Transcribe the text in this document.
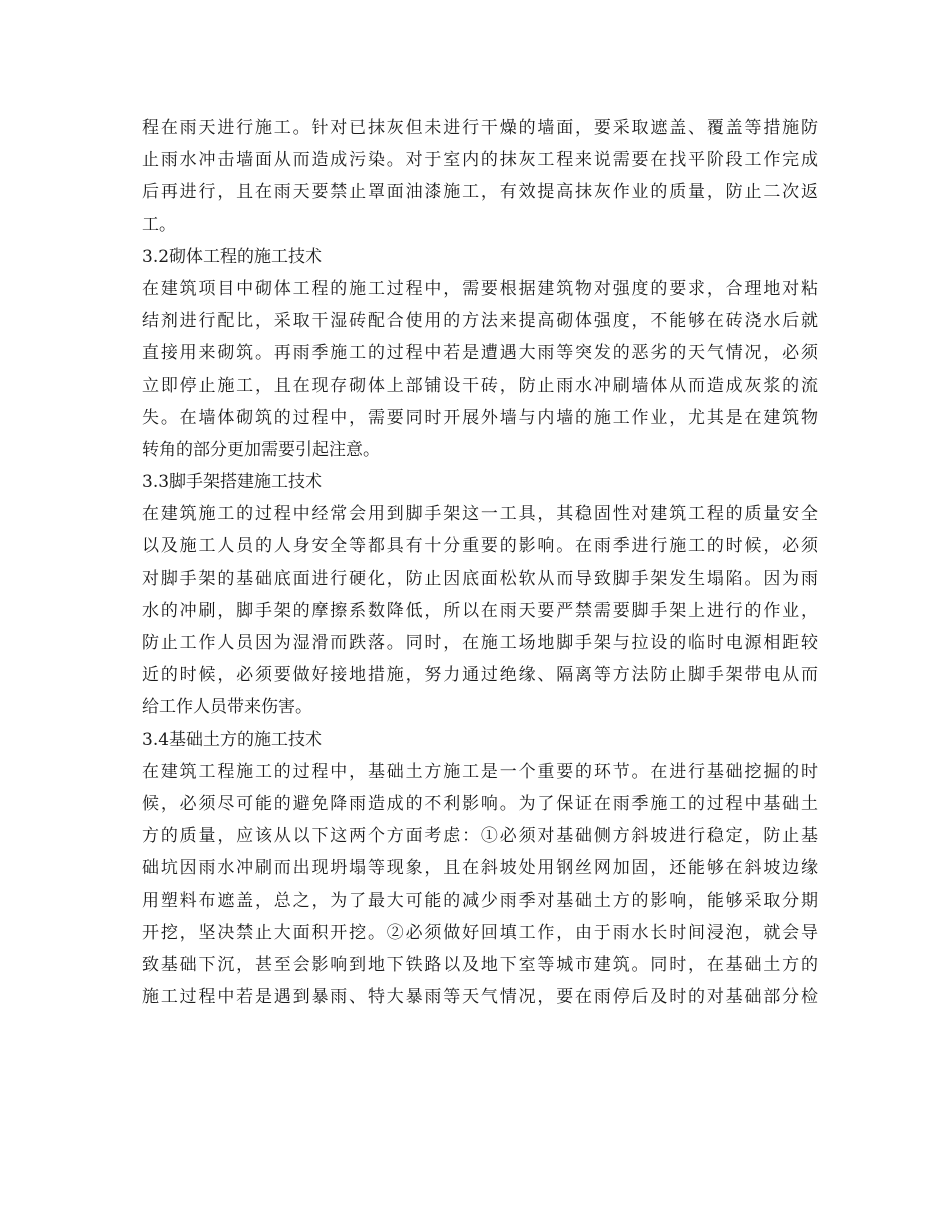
程在雨天进行施工。针对已抹灰但未进行干燥的墙面，要采取遮盖、覆盖等措施防
止雨水冲击墙面从而造成污染。对于室内的抹灰工程来说需要在找平阶段工作完成
后再进行，且在雨天要禁止罩面油漆施工，有效提高抹灰作业的质量，防止二次返
工。
3.2砌体工程的施工技术
在建筑项目中砌体工程的施工过程中，需要根据建筑物对强度的要求，合理地对粘
结剂进行配比，采取干湿砖配合使用的方法来提高砌体强度，不能够在砖浇水后就
直接用来砌筑。再雨季施工的过程中若是遭遇大雨等突发的恶劣的天气情况，必须
立即停止施工，且在现存砌体上部铺设干砖，防止雨水冲刷墙体从而造成灰浆的流
失。在墙体砌筑的过程中，需要同时开展外墙与内墙的施工作业，尤其是在建筑物
转角的部分更加需要引起注意。
3.3脚手架搭建施工技术
在建筑施工的过程中经常会用到脚手架这一工具，其稳固性对建筑工程的质量安全
以及施工人员的人身安全等都具有十分重要的影响。在雨季进行施工的时候，必须
对脚手架的基础底面进行硬化，防止因底面松软从而导致脚手架发生塌陷。因为雨
水的冲刷，脚手架的摩擦系数降低，所以在雨天要严禁需要脚手架上进行的作业，
防止工作人员因为湿滑而跌落。同时，在施工场地脚手架与拉设的临时电源相距较
近的时候，必须要做好接地措施，努力通过绝缘、隔离等方法防止脚手架带电从而
给工作人员带来伤害。
3.4基础土方的施工技术
在建筑工程施工的过程中，基础土方施工是一个重要的环节。在进行基础挖掘的时
候，必须尽可能的避免降雨造成的不利影响。为了保证在雨季施工的过程中基础土
方的质量，应该从以下这两个方面考虑：①必须对基础侧方斜坡进行稳定，防止基
础坑因雨水冲刷而出现坍塌等现象，且在斜坡处用钢丝网加固，还能够在斜坡边缘
用塑料布遮盖，总之，为了最大可能的减少雨季对基础土方的影响，能够采取分期
开挖，坚决禁止大面积开挖。②必须做好回填工作，由于雨水长时间浸泡，就会导
致基础下沉，甚至会影响到地下铁路以及地下室等城市建筑。同时，在基础土方的
施工过程中若是遇到暴雨、特大暴雨等天气情况，要在雨停后及时的对基础部分检
